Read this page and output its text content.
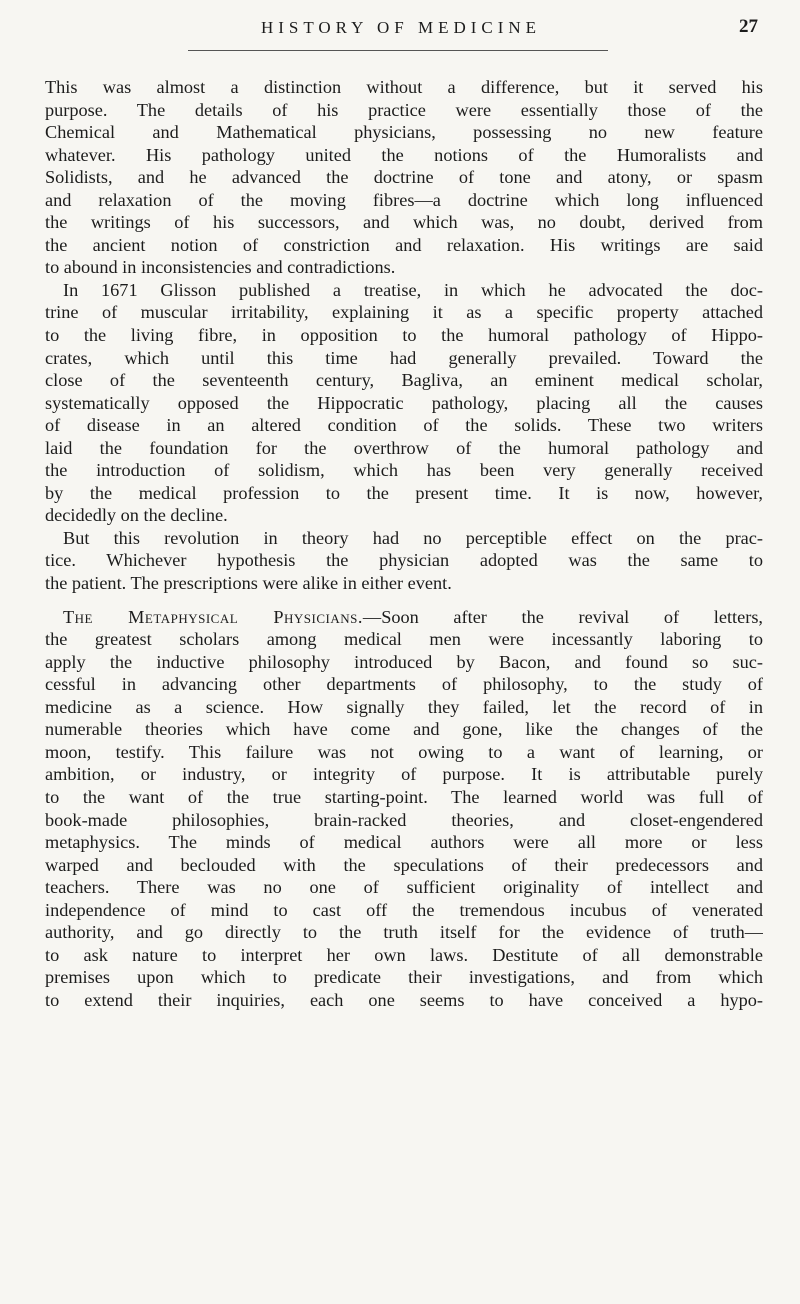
HISTORY OF MEDICINE	27
This was almost a distinction without a difference, but it served his
purpose. The details of his practice were essentially those of the
Chemical and Mathematical physicians, possessing no new feature
whatever. His pathology united the notions of the Humoralists and
Solidists, and he advanced the doctrine of tone and atony, or spasm
and relaxation of the moving fibres—a doctrine which long influenced
the writings of his successors, and which was, no doubt, derived from
the ancient notion of constriction and relaxation. His writings are said
to abound in inconsistencies and contradictions.
In 1671 Glisson published a treatise, in which he advocated the doc-
trine of muscular irritability, explaining it as a specific property attached
to the living fibre, in opposition to the humoral pathology of Hippo-
crates, which until this time had generally prevailed. Toward the
close of the seventeenth century, Bagliva, an eminent medical scholar,
systematically opposed the Hippocratic pathology, placing all the causes
of disease in an altered condition of the solids. These two writers
laid the foundation for the overthrow of the humoral pathology and
the introduction of solidism, which has been very generally received
by the medical profession to the present time. It is now, however,
decidedly on the decline.
But this revolution in theory had no perceptible effect on the prac-
tice. Whichever hypothesis the physician adopted was the same to
the patient. The prescriptions were alike in either event.
The Metaphysical Physicians.—Soon after the revival of letters,
the greatest scholars among medical men were incessantly laboring to
apply the inductive philosophy introduced by Bacon, and found so suc-
cessful in advancing other departments of philosophy, to the study of
medicine as a science. How signally they failed, let the record of in
numerable theories which have come and gone, like the changes of the
moon, testify. This failure was not owing to a want of learning, or
ambition, or industry, or integrity of purpose. It is attributable purely
to the want of the true starting-point. The learned world was full of
book-made philosophies, brain-racked theories, and closet-engendered
metaphysics. The minds of medical authors were all more or less
warped and beclouded with the speculations of their predecessors and
teachers. There was no one of sufficient originality of intellect and
independence of mind to cast off the tremendous incubus of venerated
authority, and go directly to the truth itself for the evidence of truth—
to ask nature to interpret her own laws. Destitute of all demonstrable
premises upon which to predicate their investigations, and from which
to extend their inquiries, each one seems to have conceived a hypo-
